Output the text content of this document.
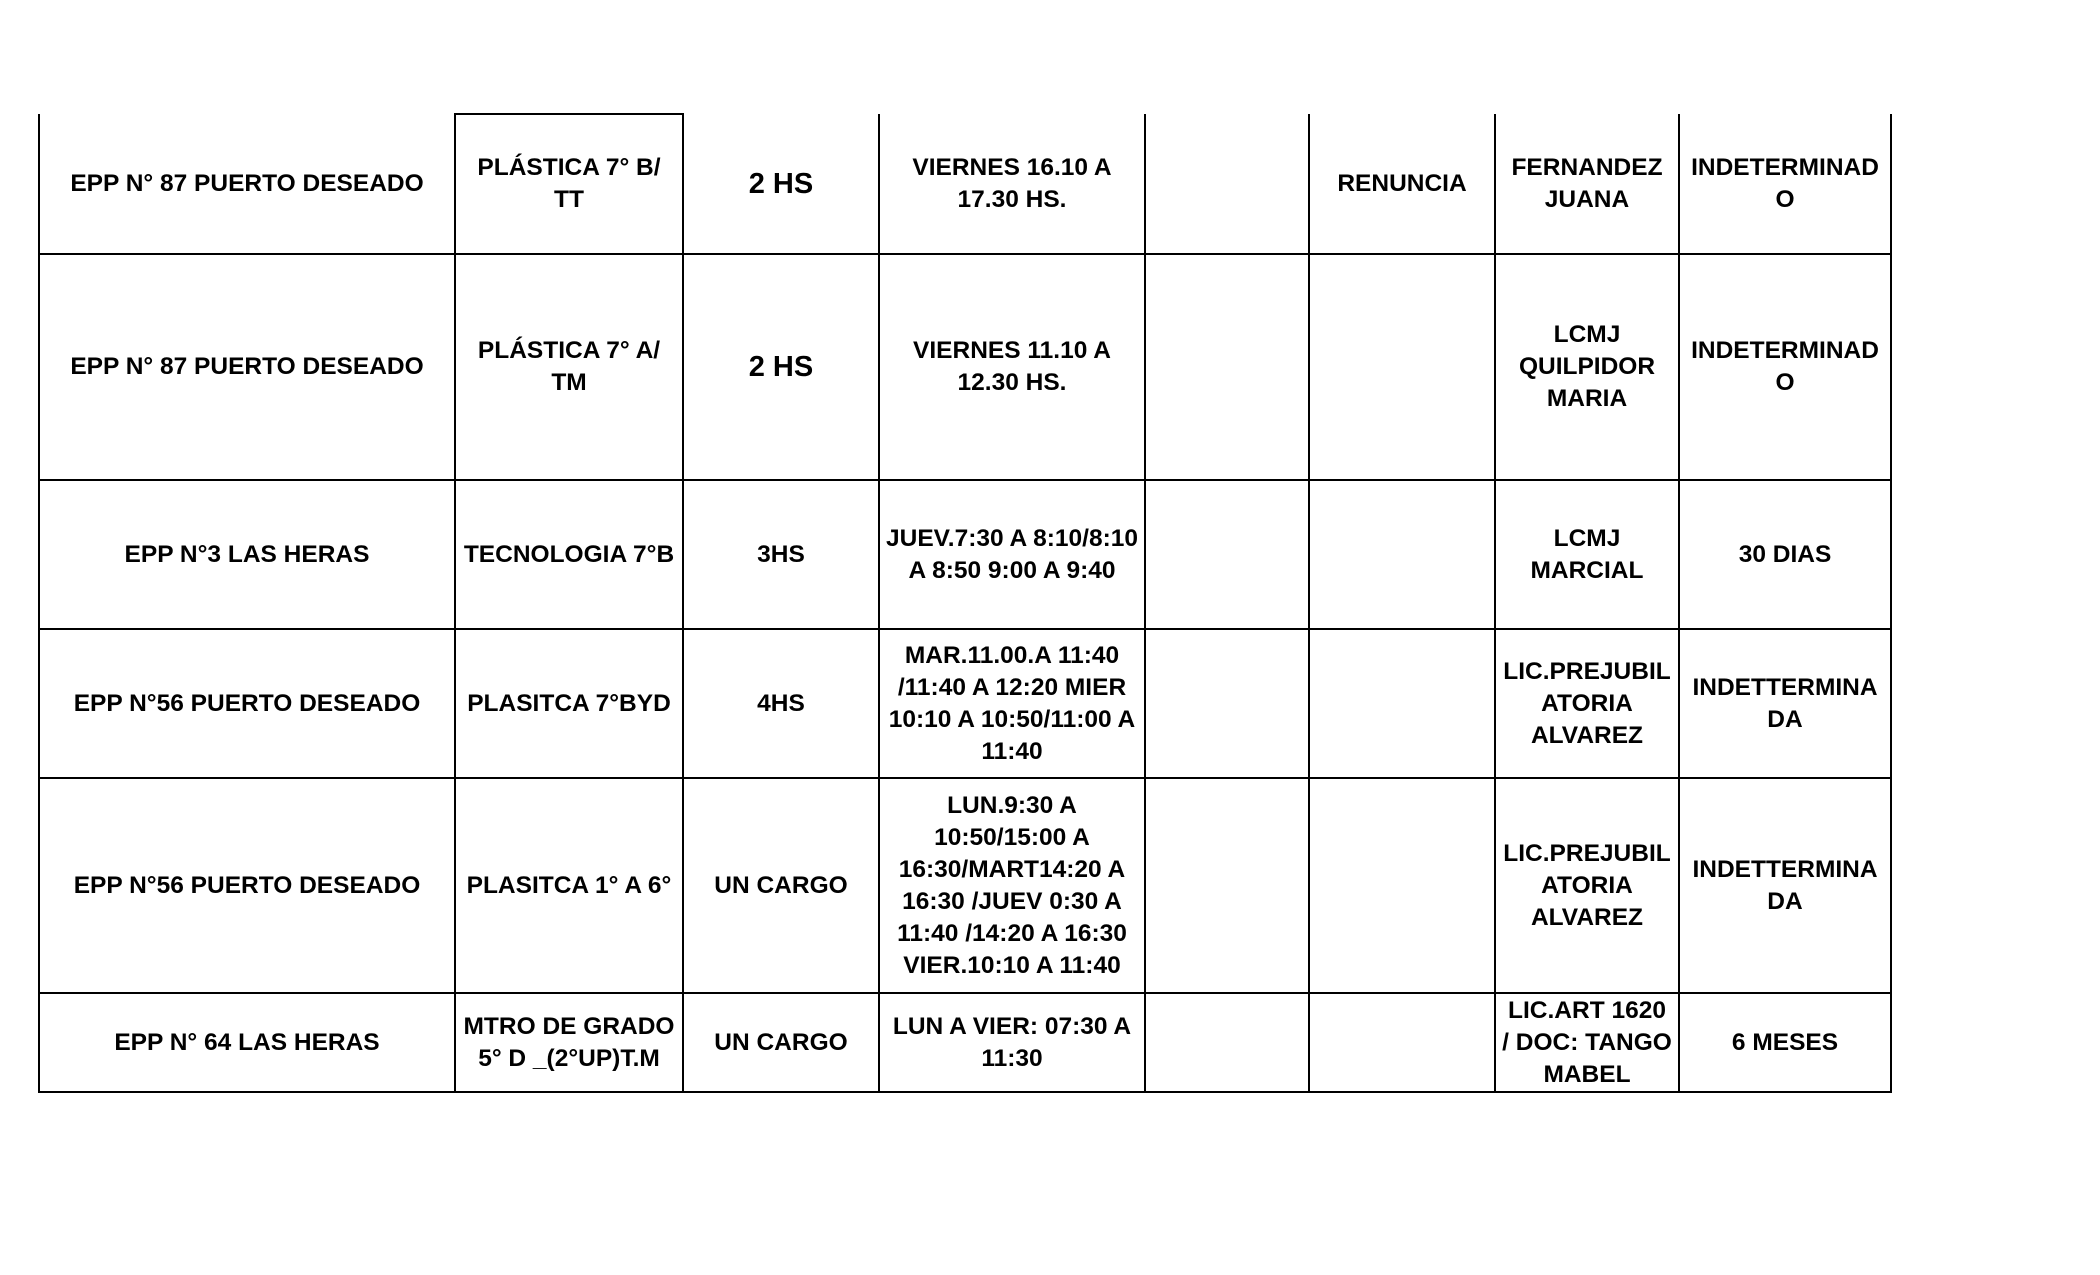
EPP N° 87 PUERTO DESEADO	PLÁSTICA 7° B/ TT	2 HS	VIERNES 16.10 A 17.30 HS.		RENUNCIA	FERNANDEZ JUANA	INDETERMINADO
EPP N° 87 PUERTO DESEADO	PLÁSTICA 7° A/ TM	2 HS	VIERNES 11.10 A 12.30 HS.			LCMJ QUILPIDOR MARIA	INDETERMINADO
EPP N°3 LAS HERAS	TECNOLOGIA 7°B	3HS	JUEV.7:30 A 8:10/8:10 A 8:50 9:00 A 9:40			LCMJ MARCIAL	30 DIAS
EPP N°56 PUERTO DESEADO	PLASITCA 7°BYD	4HS	MAR.11.00.A 11:40 /11:40 A 12:20 MIER 10:10 A 10:50/11:00 A 11:40			LIC.PREJUBILATORIA ALVAREZ	INDETTERMINADA
EPP N°56 PUERTO DESEADO	PLASITCA 1° A 6°	UN CARGO	LUN.9:30 A 10:50/15:00 A 16:30/MART14:20 A 16:30 /JUEV 0:30 A 11:40 /14:20 A 16:30 VIER.10:10 A 11:40			LIC.PREJUBILATORIA ALVAREZ	INDETTERMINADA
EPP N° 64 LAS HERAS	MTRO DE GRADO 5° D _(2°UP)T.M	UN CARGO	LUN A VIER: 07:30 A 11:30			LIC.ART 1620 / DOC: TANGO MABEL	6 MESES
